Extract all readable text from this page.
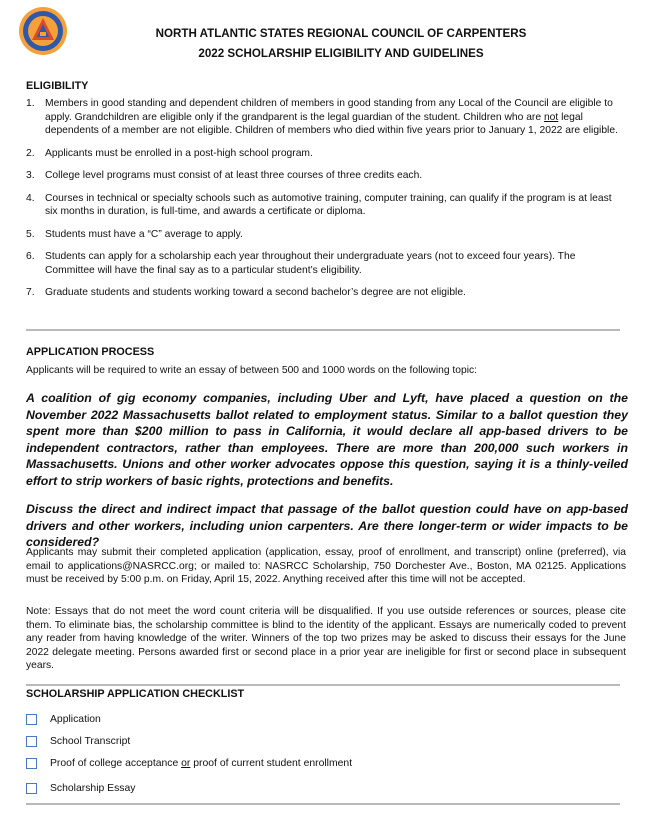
NORTH ATLANTIC STATES REGIONAL COUNCIL OF CARPENTERS
2022 SCHOLARSHIP ELIGIBILITY AND GUIDELINES
ELIGIBILITY
1.	Members in good standing and dependent children of members in good standing from any Local of the Council are eligible to apply. Grandchildren are eligible only if the grandparent is the legal guardian of the student. Children who are not legal dependents of a member are not eligible. Children of members who died within five years prior to January 1, 2022 are eligible.
2.	Applicants must be enrolled in a post-high school program.
3.	College level programs must consist of at least three courses of three credits each.
4.	Courses in technical or specialty schools such as automotive training, computer training, can qualify if the program is at least six months in duration, is full-time, and awards a certificate or diploma.
5.	Students must have a “C” average to apply.
6.	Students can apply for a scholarship each year throughout their undergraduate years (not to exceed four years). The Committee will have the final say as to a particular student’s eligibility.
7.	Graduate students and students working toward a second bachelor’s degree are not eligible.
APPLICATION PROCESS
Applicants will be required to write an essay of between 500 and 1000 words on the following topic:
A coalition of gig economy companies, including Uber and Lyft, have placed a question on the November 2022 Massachusetts ballot related to employment status. Similar to a ballot question they spent more than $200 million to pass in California, it would declare all app-based drivers to be independent contractors, rather than employees. There are more than 200,000 such workers in Massachusetts. Unions and other worker advocates oppose this question, saying it is a thinly-veiled effort to strip workers of basic rights, protections and benefits.
Discuss the direct and indirect impact that passage of the ballot question could have on app-based drivers and other workers, including union carpenters. Are there longer-term or wider impacts to be considered?
Applicants may submit their completed application (application, essay, proof of enrollment, and transcript) online (preferred), via email to applications@NASRCC.org; or mailed to: NASRCC Scholarship, 750 Dorchester Ave., Boston, MA 02125. Applications must be received by 5:00 p.m. on Friday, April 15, 2022. Anything received after this time will not be accepted.
Note: Essays that do not meet the word count criteria will be disqualified. If you use outside references or sources, please cite them. To eliminate bias, the scholarship committee is blind to the identity of the applicant. Essays are numerically coded to prevent any reader from having knowledge of the writer. Winners of the top two prizes may be asked to discuss their essays for the June 2022 delegate meeting. Persons awarded first or second place in a prior year are ineligible for first or second place in subsequent years.
SCHOLARSHIP APPLICATION CHECKLIST
Application
School Transcript
Proof of college acceptance or proof of current student enrollment
Scholarship Essay
